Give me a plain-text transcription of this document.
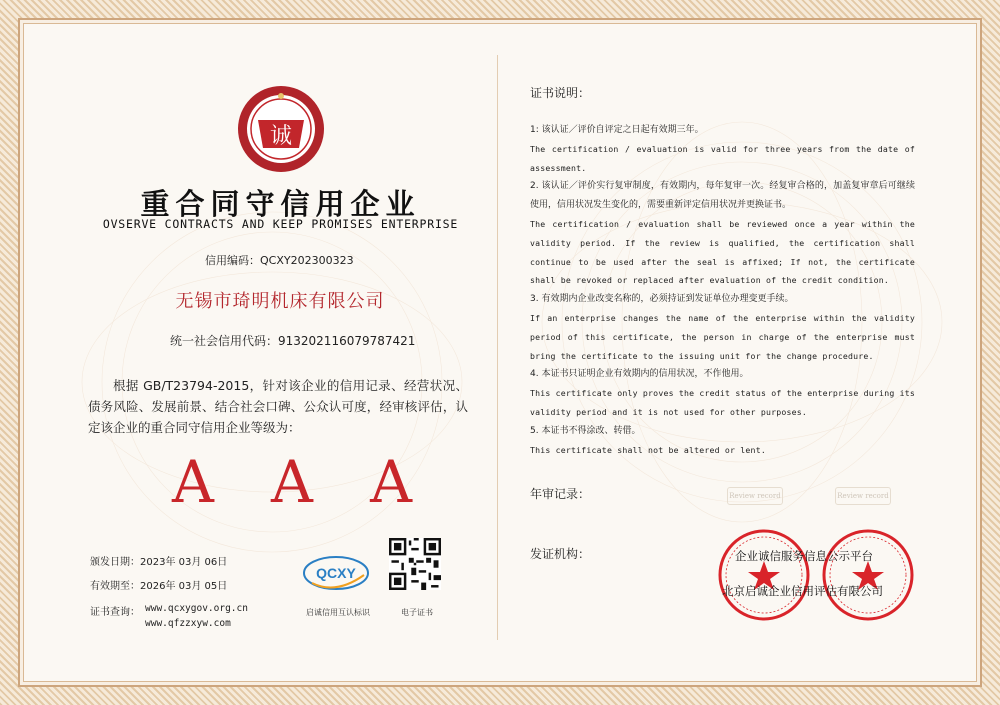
诚
重合同守信用企业
OVSERVE CONTRACTS AND KEEP PROMISES ENTERPRISE
信用编码：QCXY202300323
无锡市琦明机床有限公司
统一社会信用代码：913202116079787421
根据 GB/T23794-2015，针对该企业的信用记录、经营状况、债务风险、发展前景、结合社会口碑、公众认可度，经审核评估，认定该企业的重合同守信用企业等级为：
A A A
颁发日期：2023年 03月 06日
有效期至：2026年 03月 05日
证书查询： www.qcxygov.org.cn
www.qfzzxyw.com
QCXY
启诚信用互认标识	电子证书
证书说明：
1: 该认证／评价自评定之日起有效期三年。
The certification / evaluation is valid for three years from the date of assessment.
2. 该认证／评价实行复审制度，有效期内，每年复审一次。经复审合格的，加盖复审章后可继续使用，信用状况发生变化的，需要重新评定信用状况并更换证书。
The certification / evaluation shall be reviewed once a year within the validity period. If the review is qualified, the certification shall continue to be used after the seal is affixed; If not, the certificate shall be revoked or replaced after evaluation of the credit condition.
3. 有效期内企业改变名称的，必须持证到发证单位办理变更手续。
If an enterprise changes the name of the enterprise within the validity period of this certificate, the person in charge of the enterprise must bring the certificate to the issuing unit for the change procedure.
4. 本证书只证明企业有效期内的信用状况，不作他用。
This certificate only proves the credit status of the enterprise during its validity period and it is not used for other purposes.
5. 本证书不得涂改、转借。
This certificate shall not be altered or lent.
年审记录：	Review record	Review record
发证机构：	企业诚信服务信息公示平台
北京启诚企业信用评估有限公司
